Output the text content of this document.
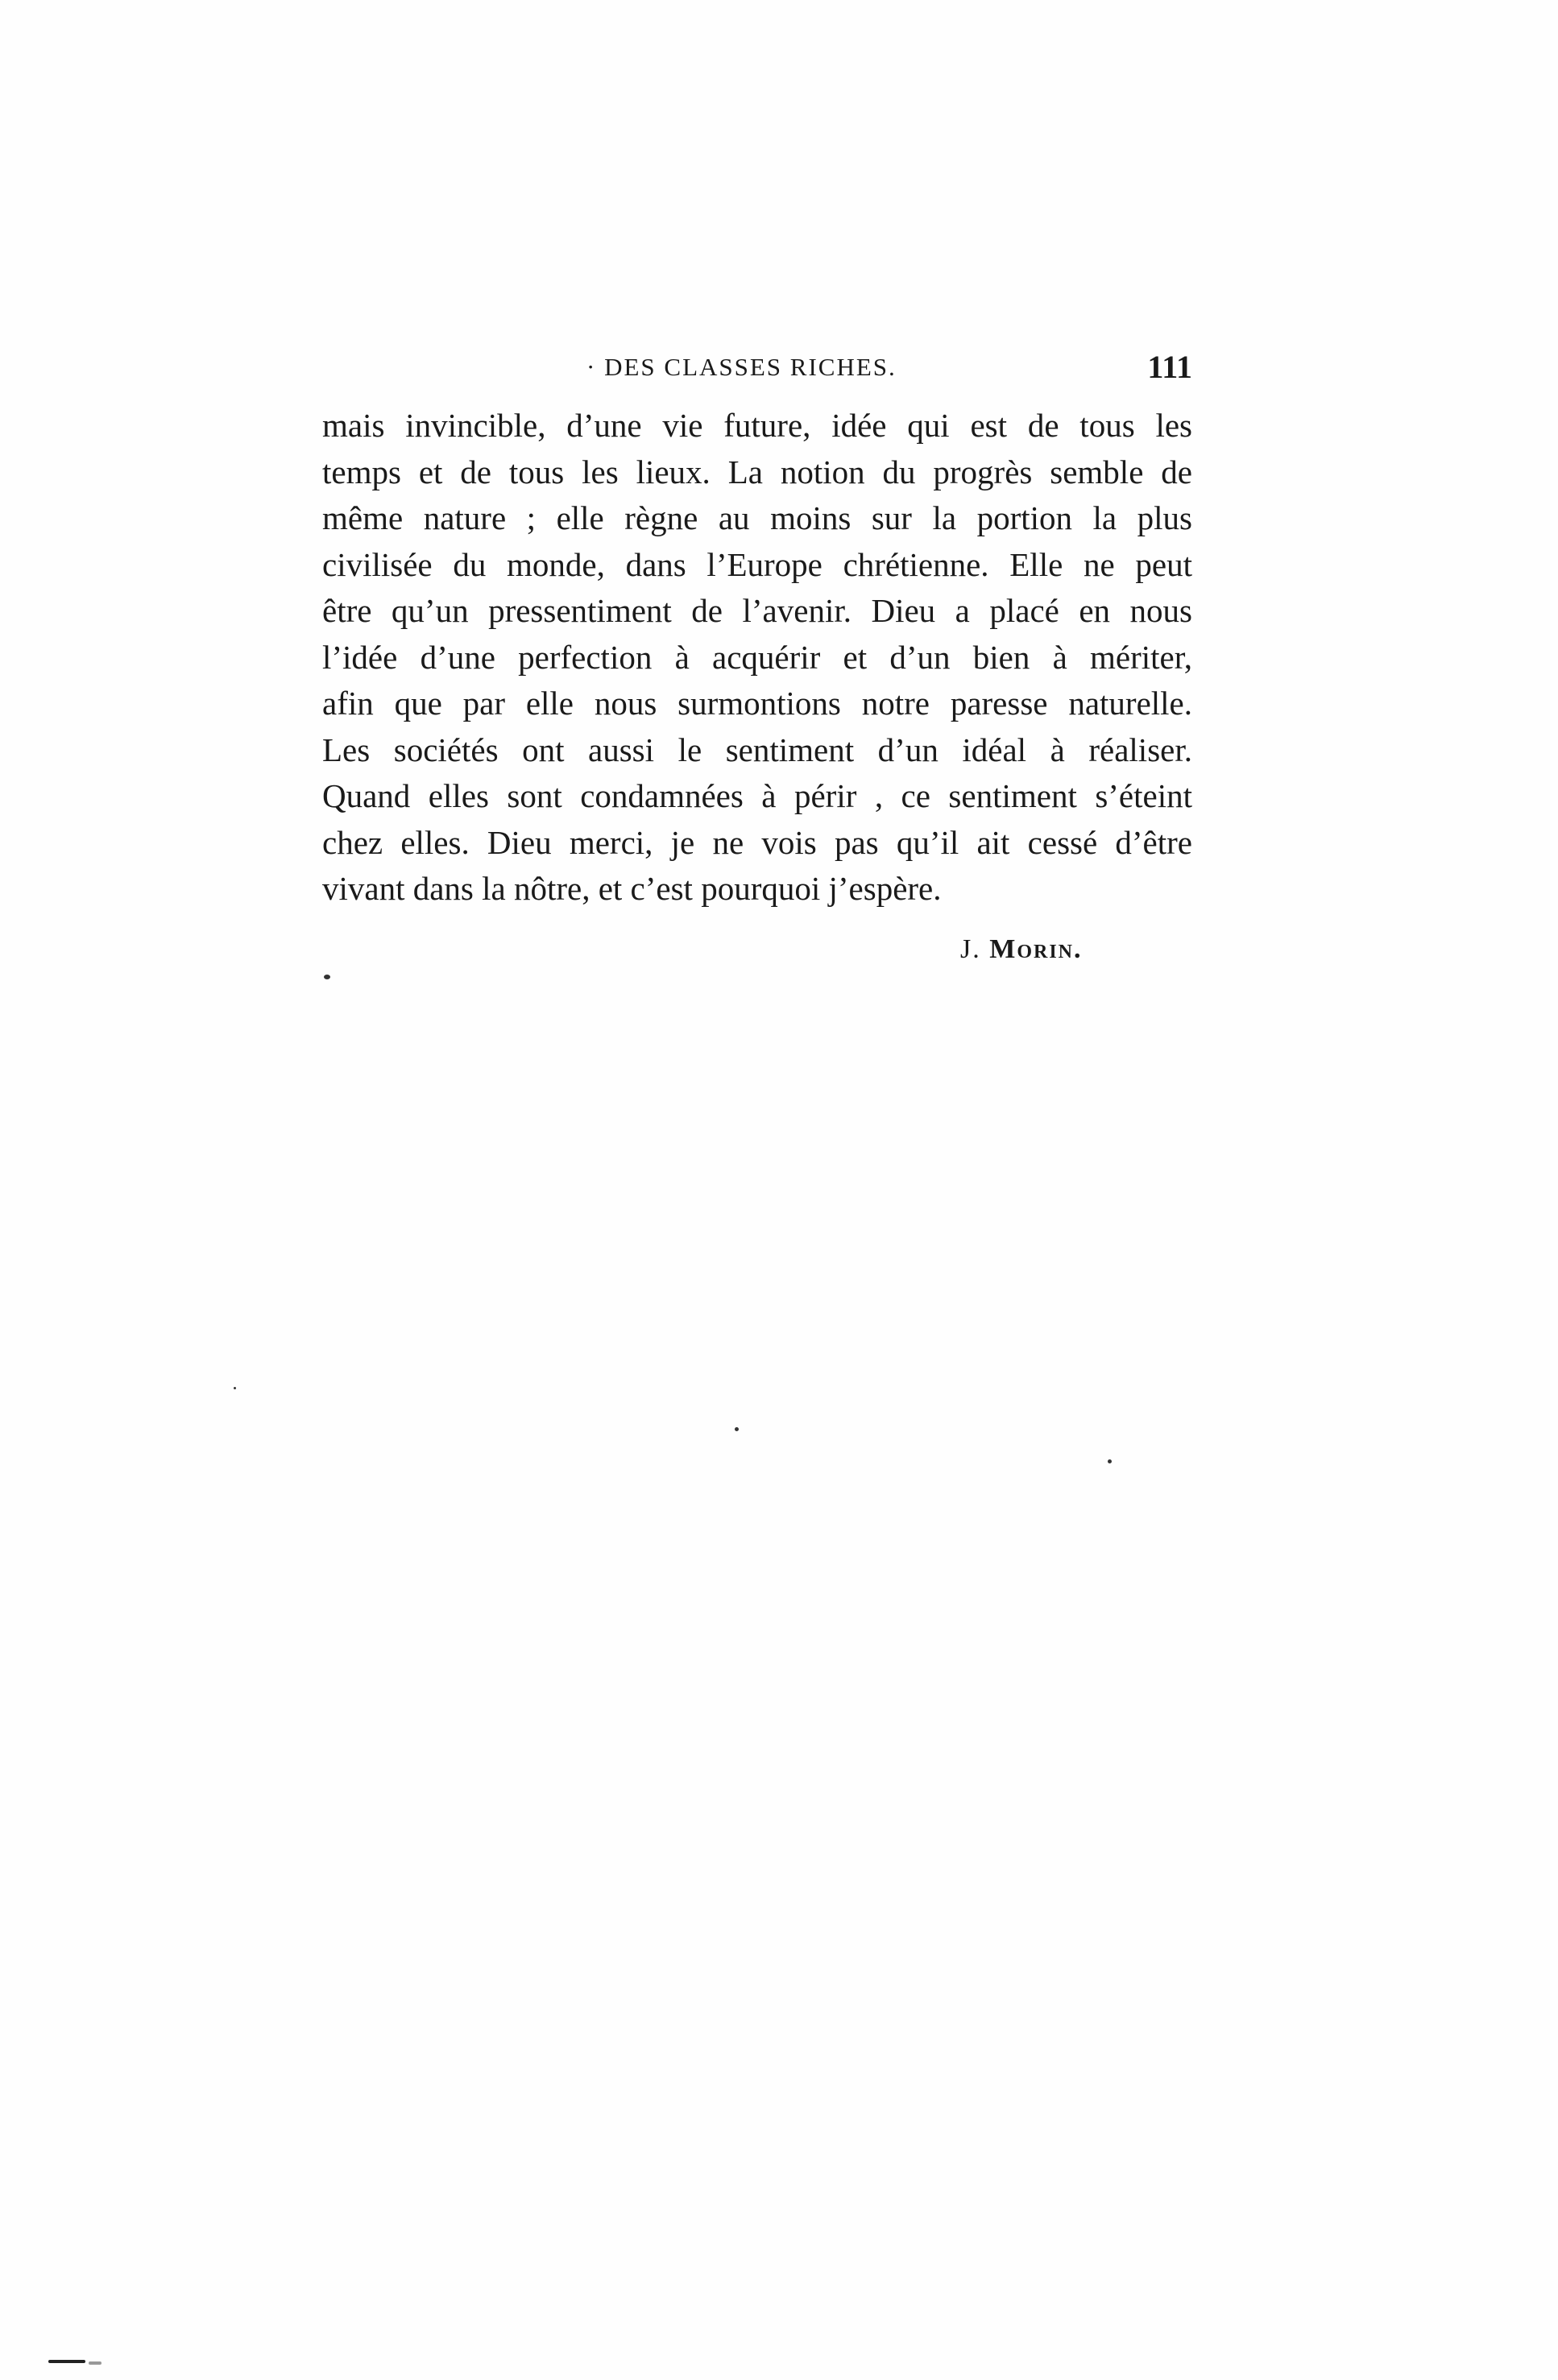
· DES CLASSES RICHES.	111
mais invincible, d’une vie future, idée qui est de tous les
temps et de tous les lieux. La notion du progrès semble de
même nature ; elle règne au moins sur la portion la plus
civilisée du monde, dans l’Europe chrétienne. Elle ne peut
être qu’un pressentiment de l’avenir. Dieu a placé en nous
l’idée d’une perfection à acquérir et d’un bien à mériter,
afin que par elle nous surmontions notre paresse naturelle.
Les sociétés ont aussi le sentiment d’un idéal à réaliser.
Quand elles sont condamnées à périr , ce sentiment s’éteint
chez elles. Dieu merci, je ne vois pas qu’il ait cessé d’être
vivant dans la nôtre, et c’est pourquoi j’espère.
J. Morin.
